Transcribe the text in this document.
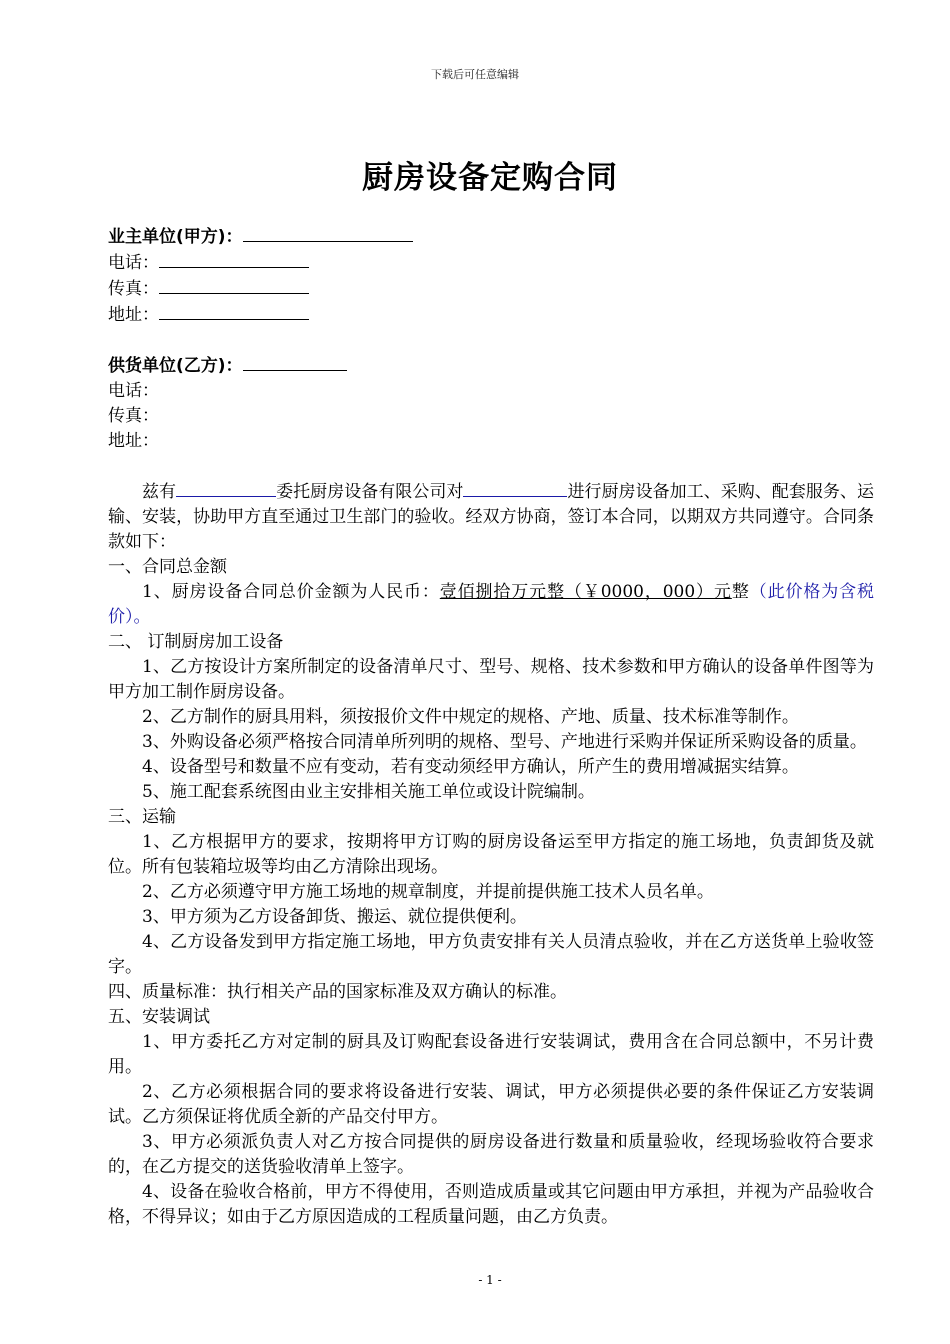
下载后可任意编辑
厨房设备定购合同
业主单位(甲方)：
电话：
传真：
地址：
供货单位(乙方)：
电话：
传真：
地址：
兹有	委托厨房设备有限公司对	进行厨房设备加工、采购、配套服务、运输、安装，协助甲方直至通过卫生部门的验收。经双方协商，签订本合同，以期双方共同遵守。合同条款如下：
一、合同总金额
1、厨房设备合同总价金额为人民币：壹佰捌拾万元整（￥0000，000）元整（此价格为含税价）。
二、 订制厨房加工设备
1、乙方按设计方案所制定的设备清单尺寸、型号、规格、技术参数和甲方确认的设备单件图等为甲方加工制作厨房设备。
2、乙方制作的厨具用料，须按报价文件中规定的规格、产地、质量、技术标准等制作。
3、外购设备必须严格按合同清单所列明的规格、型号、产地进行采购并保证所采购设备的质量。
4、设备型号和数量不应有变动，若有变动须经甲方确认，所产生的费用增减据实结算。
5、施工配套系统图由业主安排相关施工单位或设计院编制。
三、运输
1、乙方根据甲方的要求，按期将甲方订购的厨房设备运至甲方指定的施工场地，负责卸货及就位。所有包装箱垃圾等均由乙方清除出现场。
2、乙方必须遵守甲方施工场地的规章制度，并提前提供施工技术人员名单。
3、甲方须为乙方设备卸货、搬运、就位提供便利。
4、乙方设备发到甲方指定施工场地，甲方负责安排有关人员清点验收，并在乙方送货单上验收签字。
四、质量标准：执行相关产品的国家标准及双方确认的标准。
五、安装调试
1、甲方委托乙方对定制的厨具及订购配套设备进行安装调试，费用含在合同总额中，不另计费用。
2、乙方必须根据合同的要求将设备进行安装、调试，甲方必须提供必要的条件保证乙方安装调试。乙方须保证将优质全新的产品交付甲方。
3、甲方必须派负责人对乙方按合同提供的厨房设备进行数量和质量验收，经现场验收符合要求的，在乙方提交的送货验收清单上签字。
4、设备在验收合格前，甲方不得使用，否则造成质量或其它问题由甲方承担，并视为产品验收合格，不得异议；如由于乙方原因造成的工程质量问题，由乙方负责。
- 1 -
